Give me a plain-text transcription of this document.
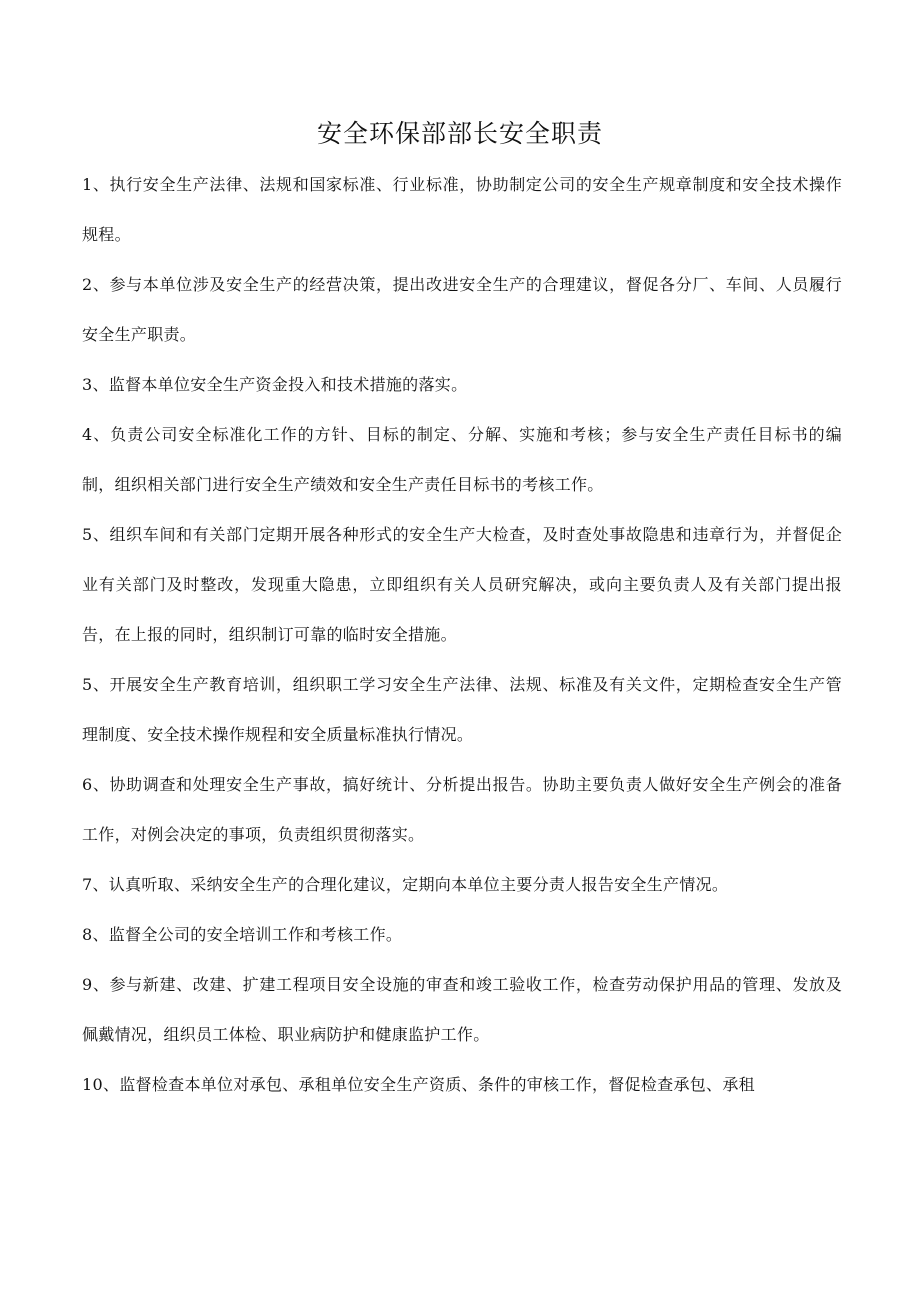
安全环保部部长安全职责

1、执行安全生产法律、法规和国家标准、行业标准，协助制定公司的安全生产规章制度和安全技术操作规程。

2、参与本单位涉及安全生产的经营决策，提出改进安全生产的合理建议，督促各分厂、车间、人员履行安全生产职责。

3、监督本单位安全生产资金投入和技术措施的落实。

4、负责公司安全标准化工作的方针、目标的制定、分解、实施和考核；参与安全生产责任目标书的编制，组织相关部门进行安全生产绩效和安全生产责任目标书的考核工作。

5、组织车间和有关部门定期开展各种形式的安全生产大检查，及时查处事故隐患和违章行为，并督促企业有关部门及时整改，发现重大隐患，立即组织有关人员研究解决，或向主要负责人及有关部门提出报告，在上报的同时，组织制订可靠的临时安全措施。

5、开展安全生产教育培训，组织职工学习安全生产法律、法规、标准及有关文件，定期检查安全生产管理制度、安全技术操作规程和安全质量标准执行情况。

6、协助调查和处理安全生产事故，搞好统计、分析提出报告。协助主要负责人做好安全生产例会的准备工作，对例会决定的事项，负责组织贯彻落实。

7、认真听取、采纳安全生产的合理化建议，定期向本单位主要分责人报告安全生产情况。

8、监督全公司的安全培训工作和考核工作。

9、参与新建、改建、扩建工程项目安全设施的审查和竣工验收工作，检查劳动保护用品的管理、发放及佩戴情况，组织员工体检、职业病防护和健康监护工作。

10、监督检查本单位对承包、承租单位安全生产资质、条件的审核工作，督促检查承包、承租
